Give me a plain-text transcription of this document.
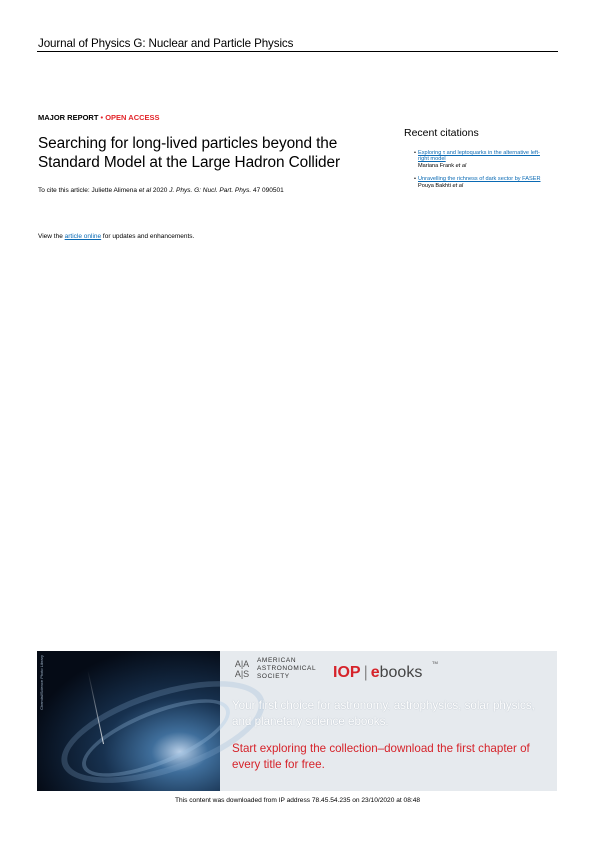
Journal of Physics G: Nuclear and Particle Physics
MAJOR REPORT • OPEN ACCESS
Searching for long-lived particles beyond the Standard Model at the Large Hadron Collider
To cite this article: Juliette Alimena et al 2020 J. Phys. G: Nucl. Part. Phys. 47 090501
View the article online for updates and enhancements.
Recent citations
• Exploring τ and leptoquarks in the alternative left-right model
Mariana Frank et al
• Unravelling the richness of dark sector by FASER
Pouya Bakhti et al
Chemist/Science Photo Library	A|A
A|S
AMERICAN
ASTRONOMICAL
SOCIETY	IOP | ebooks
TM
Your first choice for astronomy, astrophysics, solar physics, and planetary science ebooks.
Start exploring the collection–download the first chapter of every title for free.
This content was downloaded from IP address 78.45.54.235 on 23/10/2020 at 08:48
